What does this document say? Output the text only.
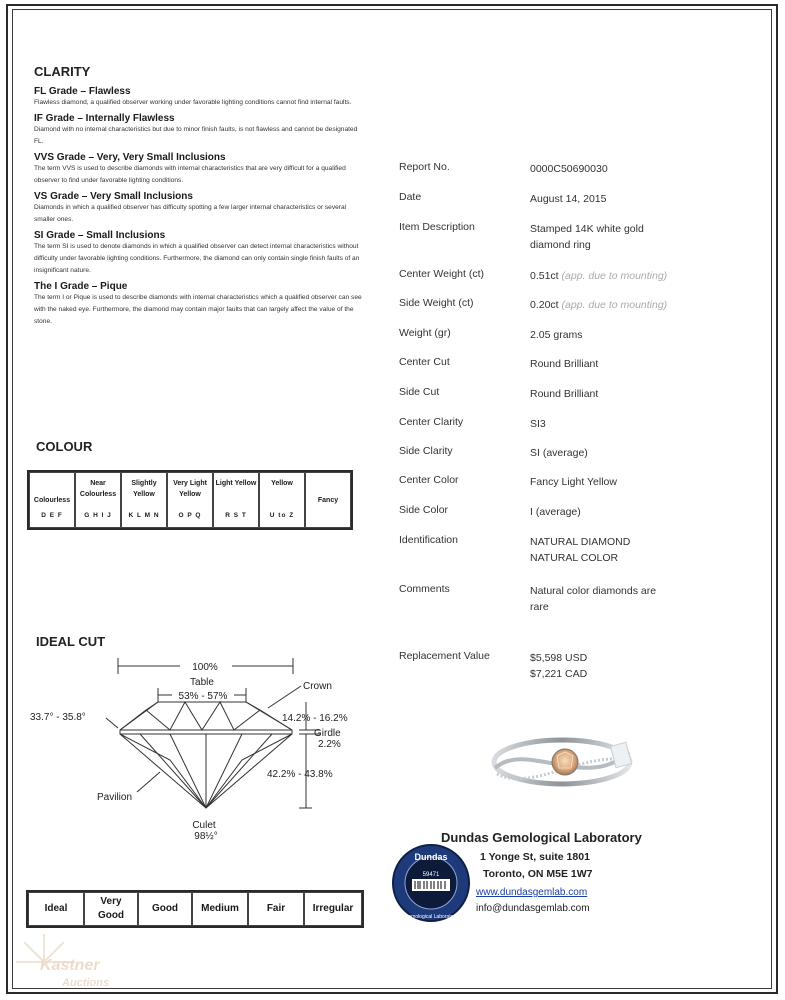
CLARITY
FL Grade – Flawless
Flawless diamond, a qualified observer working under favorable lighting conditions cannot find internal faults.
IF Grade – Internally Flawless
Diamond with no internal characteristics but due to minor finish faults, is not flawless and cannot be designated FL.
VVS Grade – Very, Very Small Inclusions
The term VVS is used to describe diamonds with internal characteristics that are very difficult for a qualified observer to find under favorable lighting conditions.
VS Grade – Very Small Inclusions
Diamonds in which a qualified observer has difficulty spotting a few larger internal characteristics or several smaller ones.
SI Grade – Small Inclusions
The term SI is used to denote diamonds in which a qualified observer can detect internal characteristics without difficulty under favorable lighting conditions. Furthermore, the diamond can only contain single finish faults of an insignificant nature.
The I Grade – Pique
The term I or Pique is used to describe diamonds with internal characteristics which a qualified observer can see with the naked eye. Furthermore, the diamond may contain major faults that can largely affect the value of the stone.
COLOUR
Colourless
D E F

Near Colourless
G H I J

Slightly Yellow
K L M N

Very Light Yellow
O P Q

Light Yellow
R S T

Yellow
U to Z

Fancy
IDEAL CUT
100%
Table
53% - 57%
33.7° - 35.8°
Crown
14.2% - 16.2%
Girdle
2.2%
42.2% - 43.8%
Pavilion
Culet
98½°
Ideal	Very Good	Good	Medium	Fair	Irregular
Report No.	0000C50690030
Date	August 14, 2015
Item Description	Stamped 14K white gold diamond ring
Center Weight (ct)	0.51ct (app. due to mounting)
Side Weight (ct)	0.20ct (app. due to mounting)
Weight (gr)	2.05 grams
Center Cut	Round Brilliant
Side Cut	Round Brilliant
Center Clarity	SI3
Side Clarity	SI (average)
Center Color	Fancy Light Yellow
Side Color	I (average)
Identification	NATURAL DIAMOND NATURAL COLOR
Comments	Natural color diamonds are rare
Replacement Value	$5,598 USD $7,221 CAD
Dundas Gemological Laboratory
1 Yonge St, suite 1801
Toronto, ON M5E 1W7
www.dundasgemlab.com
info@dundasgemlab.com
Dundas
Gemological Laboratory
59471
Kastner
Auctions
